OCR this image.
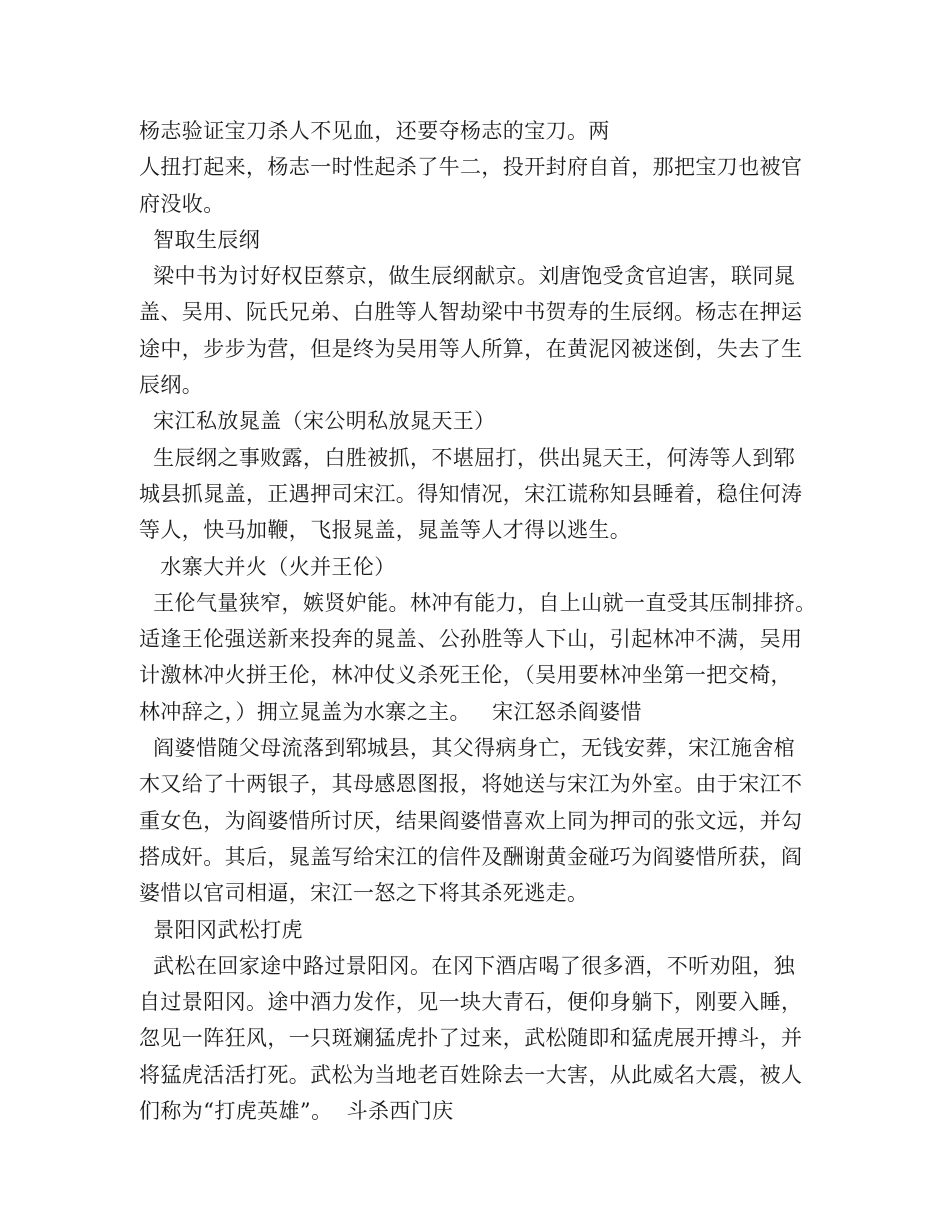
杨志验证宝刀杀人不见血，还要夺杨志的宝刀。两
人扭打起来，杨志一时性起杀了牛二，投开封府自首，那把宝刀也被官
府没收。
智取生辰纲
梁中书为讨好权臣蔡京，做生辰纲献京。刘唐饱受贪官迫害，联同晁
盖、吴用、阮氏兄弟、白胜等人智劫梁中书贺寿的生辰纲。杨志在押运
途中，步步为营，但是终为吴用等人所算，在黄泥冈被迷倒，失去了生
辰纲。
宋江私放晁盖（宋公明私放晁天王）
生辰纲之事败露，白胜被抓，不堪屈打，供出晁天王，何涛等人到郓
城县抓晁盖，正遇押司宋江。得知情况，宋江谎称知县睡着，稳住何涛
等人，快马加鞭，飞报晁盖，晁盖等人才得以逃生。
水寨大并火（火并王伦）
王伦气量狭窄，嫉贤妒能。林冲有能力，自上山就一直受其压制排挤。
适逢王伦强送新来投奔的晁盖、公孙胜等人下山，引起林冲不满，吴用
计激林冲火拼王伦，林冲仗义杀死王伦，（吴用要林冲坐第一把交椅，
林冲辞之，）拥立晁盖为水寨之主。   宋江怒杀阎婆惜
阎婆惜随父母流落到郓城县，其父得病身亡，无钱安葬，宋江施舍棺
木又给了十两银子，其母感恩图报，将她送与宋江为外室。由于宋江不
重女色，为阎婆惜所讨厌，结果阎婆惜喜欢上同为押司的张文远，并勾
搭成奸。其后，晁盖写给宋江的信件及酬谢黄金碰巧为阎婆惜所获，阎
婆惜以官司相逼，宋江一怒之下将其杀死逃走。
景阳冈武松打虎
武松在回家途中路过景阳冈。在冈下酒店喝了很多酒，不听劝阻，独
自过景阳冈。途中酒力发作，见一块大青石，便仰身躺下，刚要入睡，
忽见一阵狂风，一只斑斓猛虎扑了过来，武松随即和猛虎展开搏斗，并
将猛虎活活打死。武松为当地老百姓除去一大害，从此威名大震，被人
们称为“打虎英雄”。  斗杀西门庆
